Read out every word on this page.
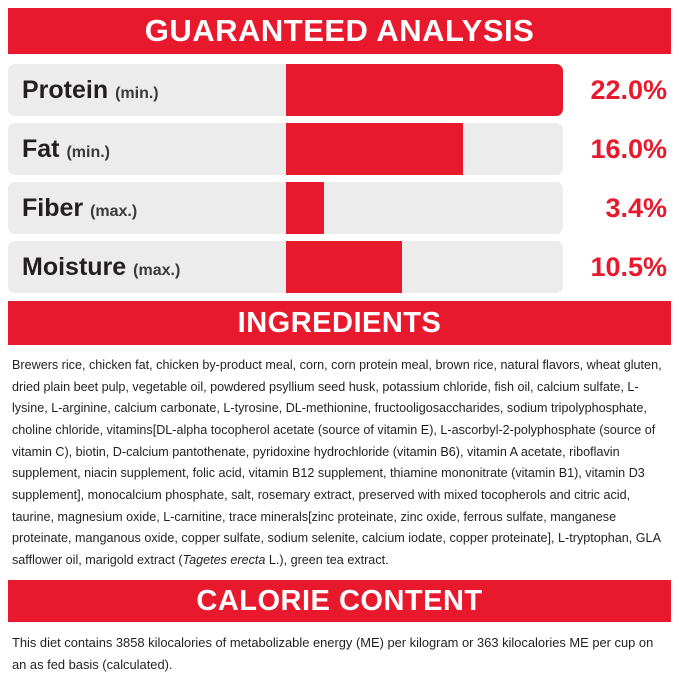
GUARANTEED ANALYSIS
Protein (min.)	22.0%
Fat (min.)	16.0%
Fiber (max.)	3.4%
Moisture (max.)	10.5%
INGREDIENTS
Brewers rice, chicken fat, chicken by-product meal, corn, corn protein meal, brown rice, natural flavors, wheat gluten, dried plain beet pulp, vegetable oil, powdered psyllium seed husk, potassium chloride, fish oil, calcium sulfate, L-lysine, L-arginine, calcium carbonate, L-tyrosine, DL-methionine, fructooligosaccharides, sodium tripolyphosphate, choline chloride, vitamins[DL-alpha tocopherol acetate (source of vitamin E), L-ascorbyl-2-polyphosphate (source of vitamin C), biotin, D-calcium pantothenate, pyridoxine hydrochloride (vitamin B6), vitamin A acetate, riboflavin supplement, niacin supplement, folic acid, vitamin B12 supplement, thiamine mononitrate (vitamin B1), vitamin D3 supplement], monocalcium phosphate, salt, rosemary extract, preserved with mixed tocopherols and citric acid, taurine, magnesium oxide, L-carnitine, trace minerals[zinc proteinate, zinc oxide, ferrous sulfate, manganese proteinate, manganous oxide, copper sulfate, sodium selenite, calcium iodate, copper proteinate], L-tryptophan, GLA safflower oil, marigold extract (Tagetes erecta L.), green tea extract.
CALORIE CONTENT
This diet contains 3858 kilocalories of metabolizable energy (ME) per kilogram or 363 kilocalories ME per cup on an as fed basis (calculated).
